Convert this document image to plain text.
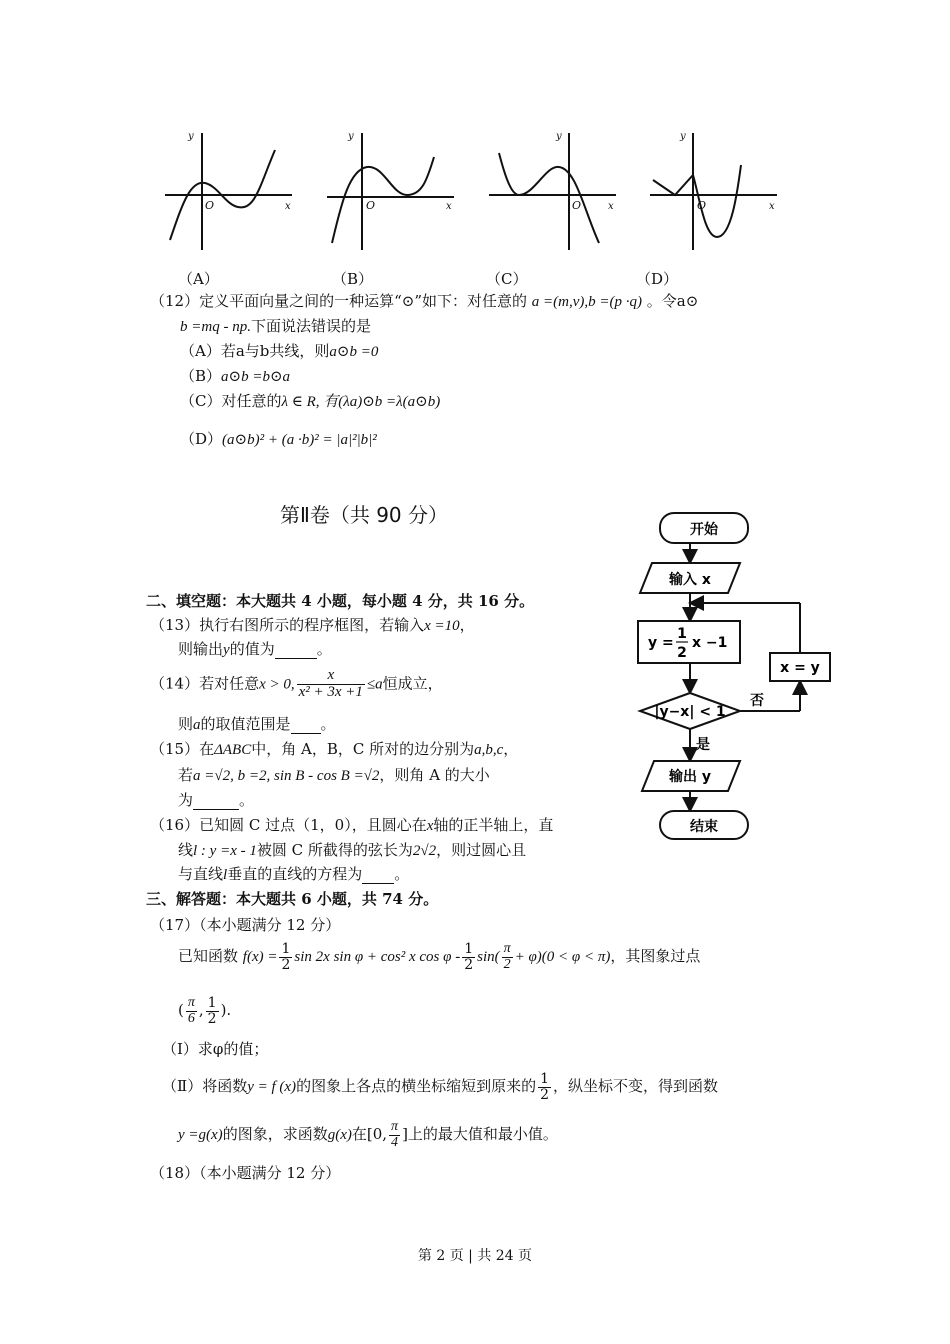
y
x
O
y
x
O
y
x
O
y
x
O
（A）	（B）	（C）	（D）
（12）定义平面向量之间的一种运算“⊙”如下：对任意的 a =(m,v),b =(p ·q) 。令a⊙
b =mq - np.下面说法错误的是
（A）若a与b共线，则a⊙b =0
（B）a⊙b =b⊙a
（C）对任意的λ ∈ R, 有(λa)⊙b =λ(a⊙b)
（D）(a⊙b)² + (a ·b)² = |a|²|b|²
第Ⅱ卷（共 90 分）
二、填空题：本大题共 4 小题，每小题 4 分，共 16 分。
（13）执行右图所示的程序框图，若输入x =10，
则输出y的值为	。
（14）若对任意x > 0, $\frac{x}{\text{x² + 3x +1}} \le a$恒成立，
则a的取值范围是 。
（15）在ΔABC中，角 A，B，C 所对的边分别为a,b,c，
若a =√2, b =2, sin B - cos B =√2，则角 A 的大小
为	。
（16）已知圆 C 过点（1，0），且圆心在x轴的正半轴上，直
线l : y =x - 1被圆 C 所截得的弦长为2√2，则过圆心且
与直线l垂直的直线的方程为 。
开始
输入 x
y =
1
2
x −1
|y−x| < 1
否
x = y
是
输出 y
结束
三、解答题：本大题共 6 小题，共 74 分。
（17）（本小题满分 12 分）
已知函数 $f(x) = \frac{1}{2}$ sin 2x sin φ + cos² x $\cos \varphi - \frac{1}{2} \sin( \frac{\pi}{2} + \varphi)(0 < \varphi < \pi)$，其图象过点
( $\frac{\pi}{6}$ , $\frac{1}{2}$ ).
（Ⅰ）求φ的值；
（Ⅱ）将函数y = f (x)的图象上各点的横坐标缩短到原来的 $\frac{1}{2}$ ，纵坐标不变，得到函数
y =g(x)的图象，求函数g(x)在[0, $\frac{\pi}{4}$ ]上的最大值和最小值。
（18）（本小题满分 12 分）
第 2 页 | 共 24 页
